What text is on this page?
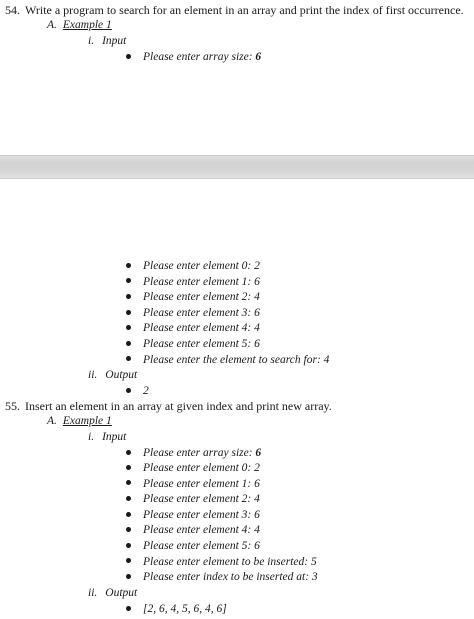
54. Write a program to search for an element in an array and print the index of first occurrence.
A. Example 1
i. Input
Please enter array size: 6
Please enter element 0: 2
Please enter element 1: 6
Please enter element 2: 4
Please enter element 3: 6
Please enter element 4: 4
Please enter element 5: 6
Please enter the element to search for: 4
ii. Output
2
55. Insert an element in an array at given index and print new array.
A. Example 1
i. Input
Please enter array size: 6
Please enter element 0: 2
Please enter element 1: 6
Please enter element 2: 4
Please enter element 3: 6
Please enter element 4: 4
Please enter element 5: 6
Please enter element to be inserted: 5
Please enter index to be inserted at: 3
ii. Output
[2, 6, 4, 5, 6, 4, 6]
